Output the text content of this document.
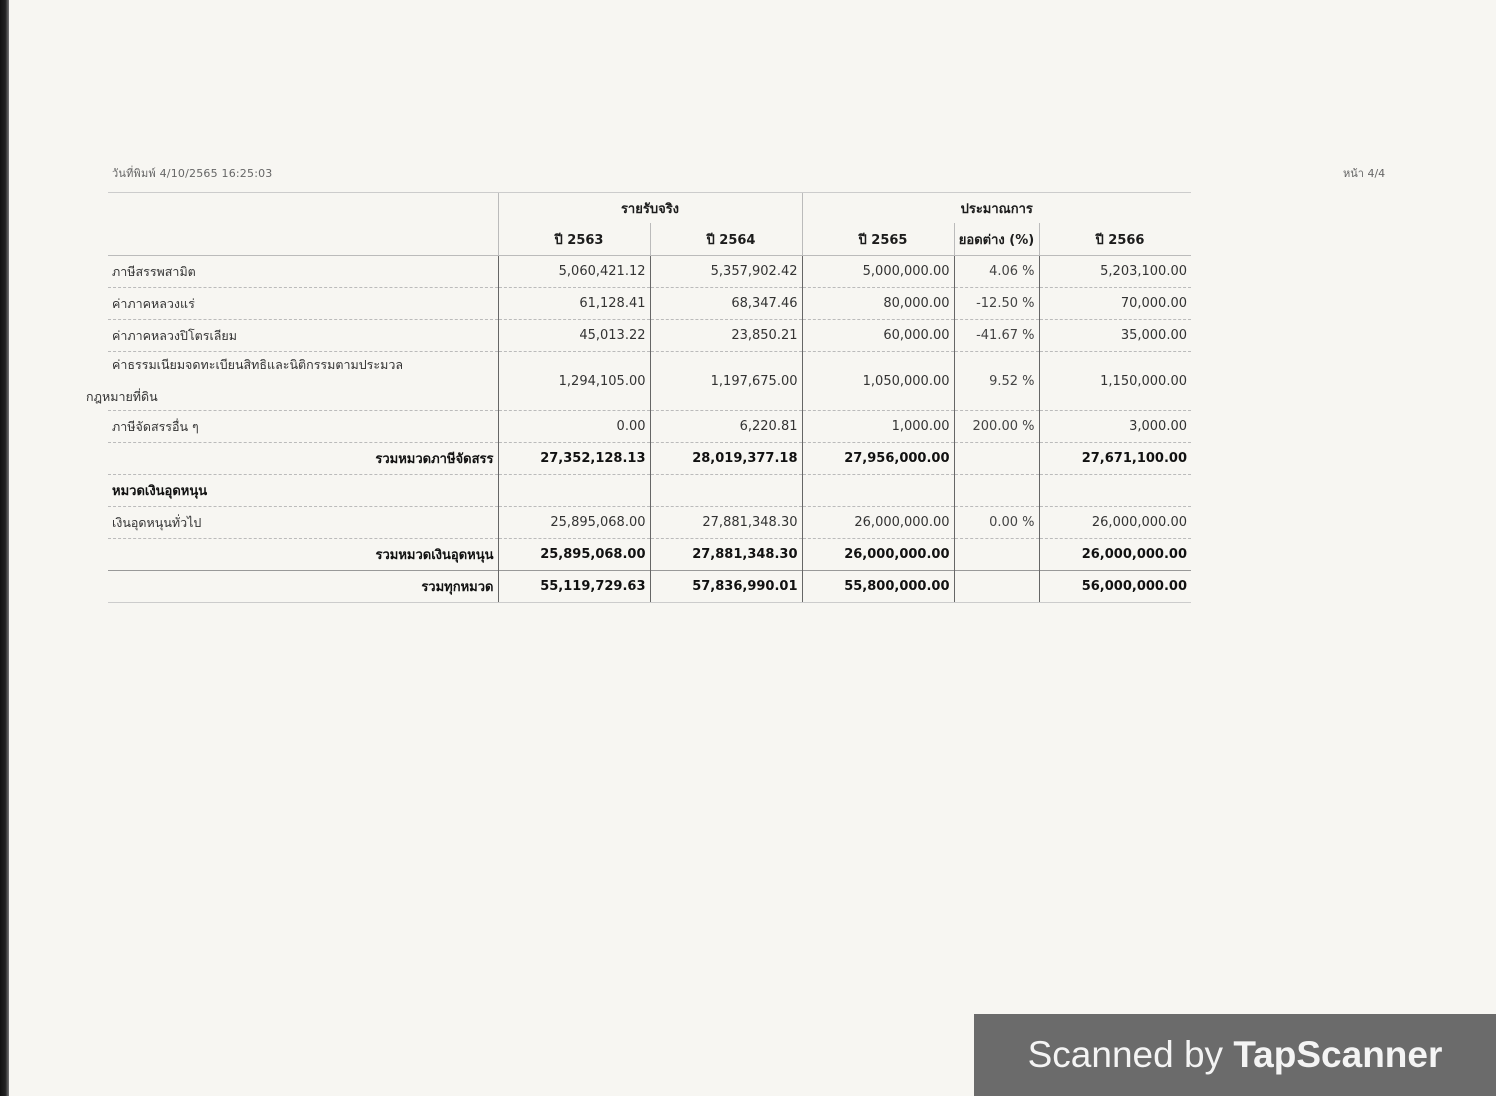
วันที่พิมพ์ 4/10/2565 16:25:03	หน้า 4/4
	รายรับจริง		ประมาณการ		
	ปี 2563	ปี 2564	ปี 2565	ยอดต่าง (%)	ปี 2566
ภาษีสรรพสามิต	5,060,421.12	5,357,902.42	5,000,000.00	4.06 %	5,203,100.00
ค่าภาคหลวงแร่	61,128.41	68,347.46	80,000.00	-12.50 %	70,000.00
ค่าภาคหลวงปิโตรเลียม	45,013.22	23,850.21	60,000.00	-41.67 %	35,000.00

ค่าธรรมเนียมจดทะเบียนสิทธิและนิติกรรมตามประมวล
กฎหมายที่ดิน	1,294,105.00	1,197,675.00	1,050,000.00	9.52 %	1,150,000.00
ภาษีจัดสรรอื่น ๆ	0.00	6,220.81	1,000.00	200.00 %	3,000.00
รวมหมวดภาษีจัดสรร	27,352,128.13	28,019,377.18	27,956,000.00		27,671,100.00
หมวดเงินอุดหนุน					
เงินอุดหนุนทั่วไป	25,895,068.00	27,881,348.30	26,000,000.00	0.00 %	26,000,000.00
รวมหมวดเงินอุดหนุน	25,895,068.00	27,881,348.30	26,000,000.00		26,000,000.00
รวมทุกหมวด	55,119,729.63	57,836,990.01	55,800,000.00		56,000,000.00
Scanned by TapScanner
